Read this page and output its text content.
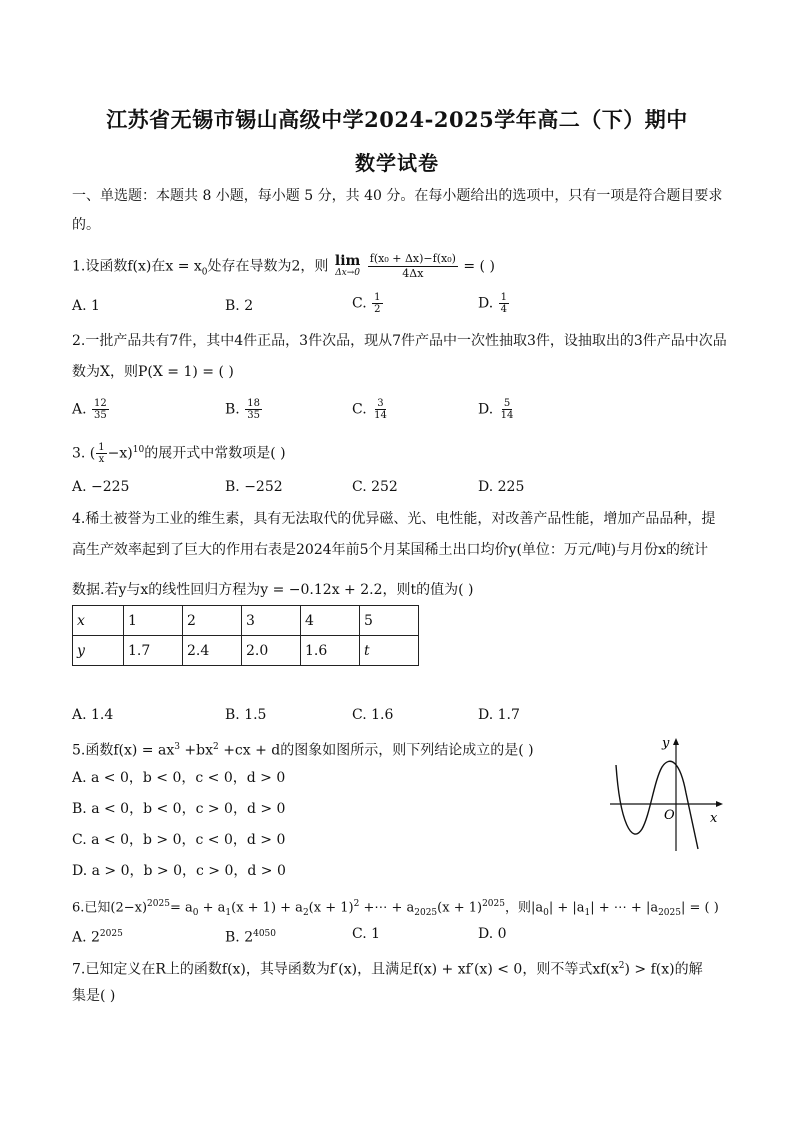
江苏省无锡市锡山高级中学2024-2025学年高二（下）期中
数学试卷
一、单选题：本题共 8 小题，每小题 5 分，共 40 分。在每小题给出的选项中，只有一项是符合题目要求
的。
1.设函数f(x)在$x = x_0$处存在导数为2，则 lim
Δx→0
$\frac{\text{f(x₀ + Δx)−f(x₀)}}{4\Delta x}$ = ( )
A. 1	B. 2	C. $\frac{1}{2}$	D. $\frac{1}{4}$
2.一批产品共有7件，其中4件正品，3件次品，现从7件产品中一次性抽取3件，设抽取出的3件产品中次品
数为X，则P(X = 1) = ( )
A. $\frac{12}{35}$	B. $\frac{18}{35}$	C. $\frac{3}{14}$	D. $\frac{5}{14}$
3. ( $\frac{1}{x} -x)^{10}$的展开式中常数项是( )
A. −225	B. −252	C. 252	D. 225
4.稀土被誉为工业的维生素，具有无法取代的优异磁、光、电性能，对改善产品性能，增加产品品种，提
高生产效率起到了巨大的作用右表是2024年前5个月某国稀土出口均价y(单位：万元/吨)与月份x的统计
数据.若y与x的线性回归方程为y = −0.12x + 2.2，则t的值为( )
x	1	2	3	4	5
y	1.7	2.4	2.0	1.6	t
A. 1.4	B. 1.5	C. 1.6	D. 1.7
5.函数$f(x) = ax^3 +bx^2 +cx + d$的图象如图所示，则下列结论成立的是( )
A. a < 0，b < 0，c < 0，d > 0
B. a < 0，b < 0，c > 0，d > 0
C. a < 0，b > 0，c < 0，d > 0
D. a > 0，b > 0，c > 0，d > 0
y
x
O
6.已知$(2-x)^{2025}= a_0 + a_1(x + 1) + a_2(x + 1)^2$ +⋯ + $a_{2025}(x + 1)^{2025}$，则$|a_0| + |a_1|$ + ⋯ + $|a_{2025}|$ = ( )
A. $2^{2025}$	B. $2^{4050}$	C. 1	D. 0
7.已知定义在R上的函数f(x)，其导函数为f′(x)，且满足f(x) + xf′(x) < 0，则不等式$xf(x^2) > f(x)$的解
集是( )
